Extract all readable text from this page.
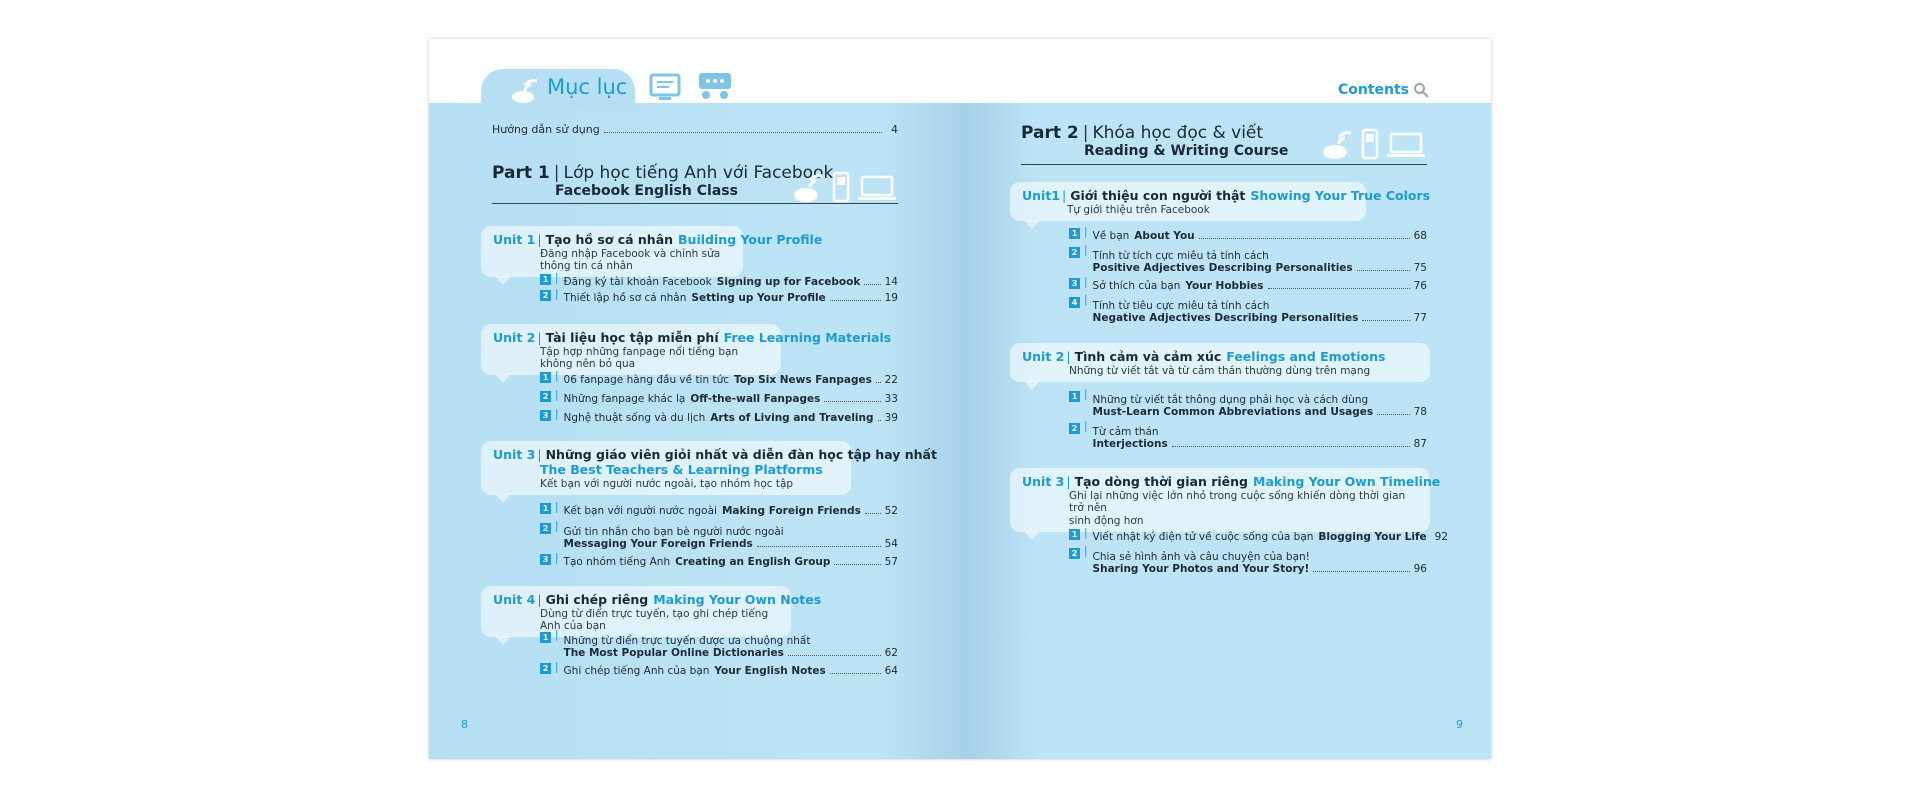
Mục lục
Hướng dẫn sử dụng	4
Part 1 | Lớp học tiếng Anh với Facebook
Facebook English Class
Unit 1 | Tạo hồ sơ cá nhân Building Your Profile
Đăng nhập Facebook và chỉnh sửa thông tin cá nhân
1 | Đăng ký tài khoản Facebook Signing up for Facebook 14
2 | Thiết lập hồ sơ cá nhân Setting up Your Profile	19
Unit 2 | Tài liệu học tập miễn phí Free Learning Materials
Tập hợp những fanpage nổi tiếng bạn không nên bỏ qua
1 | 06 fanpage hàng đầu về tin tức Top Six News Fanpages 22
2 | Những fanpage khác lạ Off-the-wall Fanpages	33
3 | Nghệ thuật sống và du lịch Arts of Living and Traveling 39
Unit 3 | Những giáo viên giỏi nhất và diễn đàn học tập hay nhất
The Best Teachers & Learning Platforms
Kết bạn với người nước ngoài, tạo nhóm học tập
1 | Kết bạn với người nước ngoài Making Foreign Friends 52
2 | Gửi tin nhắn cho bạn bè người nước ngoài
Messaging Your Foreign Friends	54
3 | Tạo nhóm tiếng Anh Creating an English Group	57
Unit 4 | Ghi chép riêng Making Your Own Notes
Dùng từ điển trực tuyến, tạo ghi chép tiếng Anh của bạn
1 | Những từ điển trực tuyến được ưa chuộng nhất
The Most Popular Online Dictionaries	62
2 | Ghi chép tiếng Anh của bạn Your English Notes	64
8
Contents
Part 2 | Khóa học đọc & viết
Reading & Writing Course
Unit1 | Giới thiệu con người thật Showing Your True Colors
Tự giới thiệu trên Facebook
1 | Về bạn About You	68
2 | Tính từ tích cực miêu tả tính cách
Positive Adjectives Describing Personalities	75
3 | Sở thích của bạn Your Hobbies	76
4 | Tính từ tiêu cực miêu tả tính cách
Negative Adjectives Describing Personalities	77
Unit 2 | Tình cảm và cảm xúc Feelings and Emotions
Những từ viết tắt và từ cảm thán thường dùng trên mạng
1 | Những từ viết tắt thông dụng phải học và cách dùng
Must-Learn Common Abbreviations and Usages	78
2 | Từ cảm thán
Interjections	87
Unit 3 | Tạo dòng thời gian riêng Making Your Own Timeline
Ghi lại những việc lớn nhỏ trong cuộc sống khiến dòng thời gian trở nên
sinh động hơn
1 | Viết nhật ký điện tử về cuộc sống của bạn Blogging Your Life 92
2 | Chia sẻ hình ảnh và câu chuyện của bạn!
Sharing Your Photos and Your Story!	96
9
